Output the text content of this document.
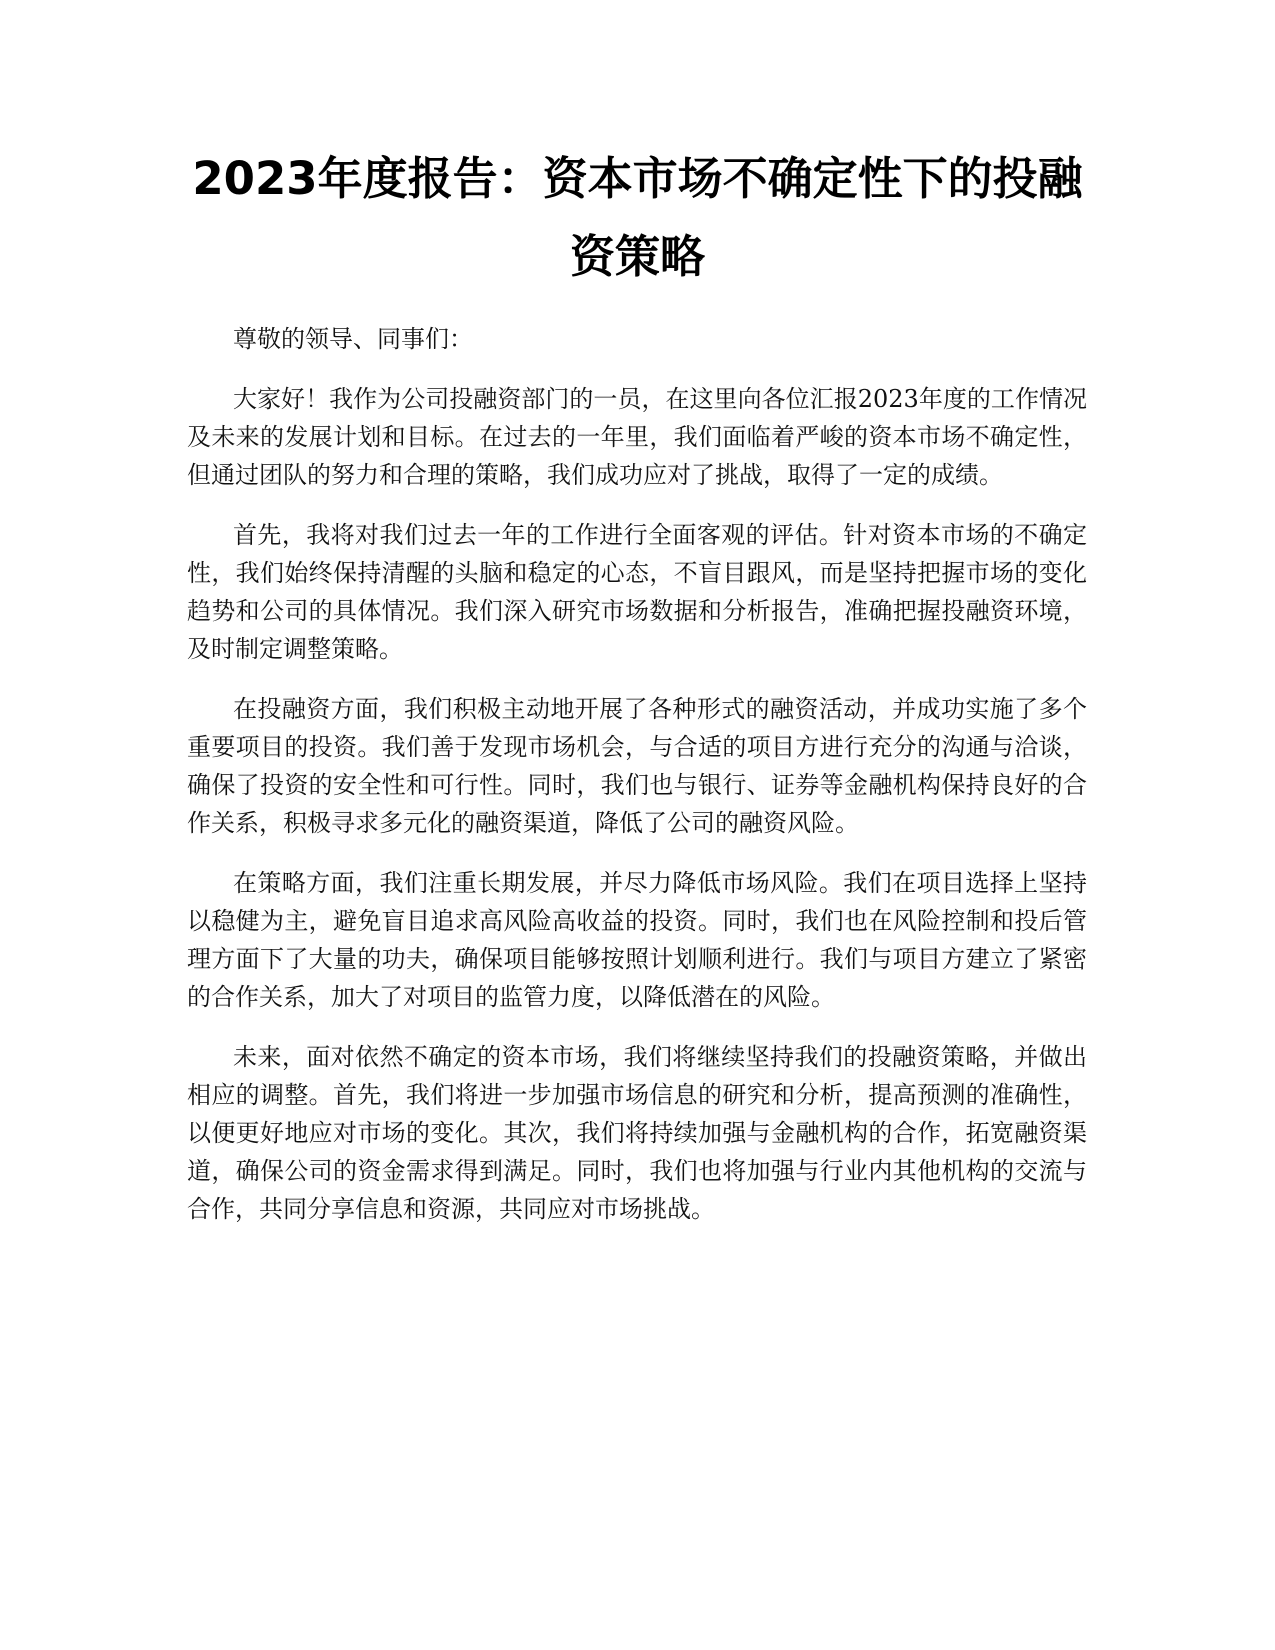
2023年度报告：资本市场不确定性下的投融资策略

尊敬的领导、同事们：

大家好！我作为公司投融资部门的一员，在这里向各位汇报2023年度的工作情况及未来的发展计划和目标。在过去的一年里，我们面临着严峻的资本市场不确定性，但通过团队的努力和合理的策略，我们成功应对了挑战，取得了一定的成绩。

首先，我将对我们过去一年的工作进行全面客观的评估。针对资本市场的不确定性，我们始终保持清醒的头脑和稳定的心态，不盲目跟风，而是坚持把握市场的变化趋势和公司的具体情况。我们深入研究市场数据和分析报告，准确把握投融资环境，及时制定调整策略。

在投融资方面，我们积极主动地开展了各种形式的融资活动，并成功实施了多个重要项目的投资。我们善于发现市场机会，与合适的项目方进行充分的沟通与洽谈，确保了投资的安全性和可行性。同时，我们也与银行、证券等金融机构保持良好的合作关系，积极寻求多元化的融资渠道，降低了公司的融资风险。

在策略方面，我们注重长期发展，并尽力降低市场风险。我们在项目选择上坚持以稳健为主，避免盲目追求高风险高收益的投资。同时，我们也在风险控制和投后管理方面下了大量的功夫，确保项目能够按照计划顺利进行。我们与项目方建立了紧密的合作关系，加大了对项目的监管力度，以降低潜在的风险。

未来，面对依然不确定的资本市场，我们将继续坚持我们的投融资策略，并做出相应的调整。首先，我们将进一步加强市场信息的研究和分析，提高预测的准确性，以便更好地应对市场的变化。其次，我们将持续加强与金融机构的合作，拓宽融资渠道，确保公司的资金需求得到满足。同时，我们也将加强与行业内其他机构的交流与合作，共同分享信息和资源，共同应对市场挑战。
